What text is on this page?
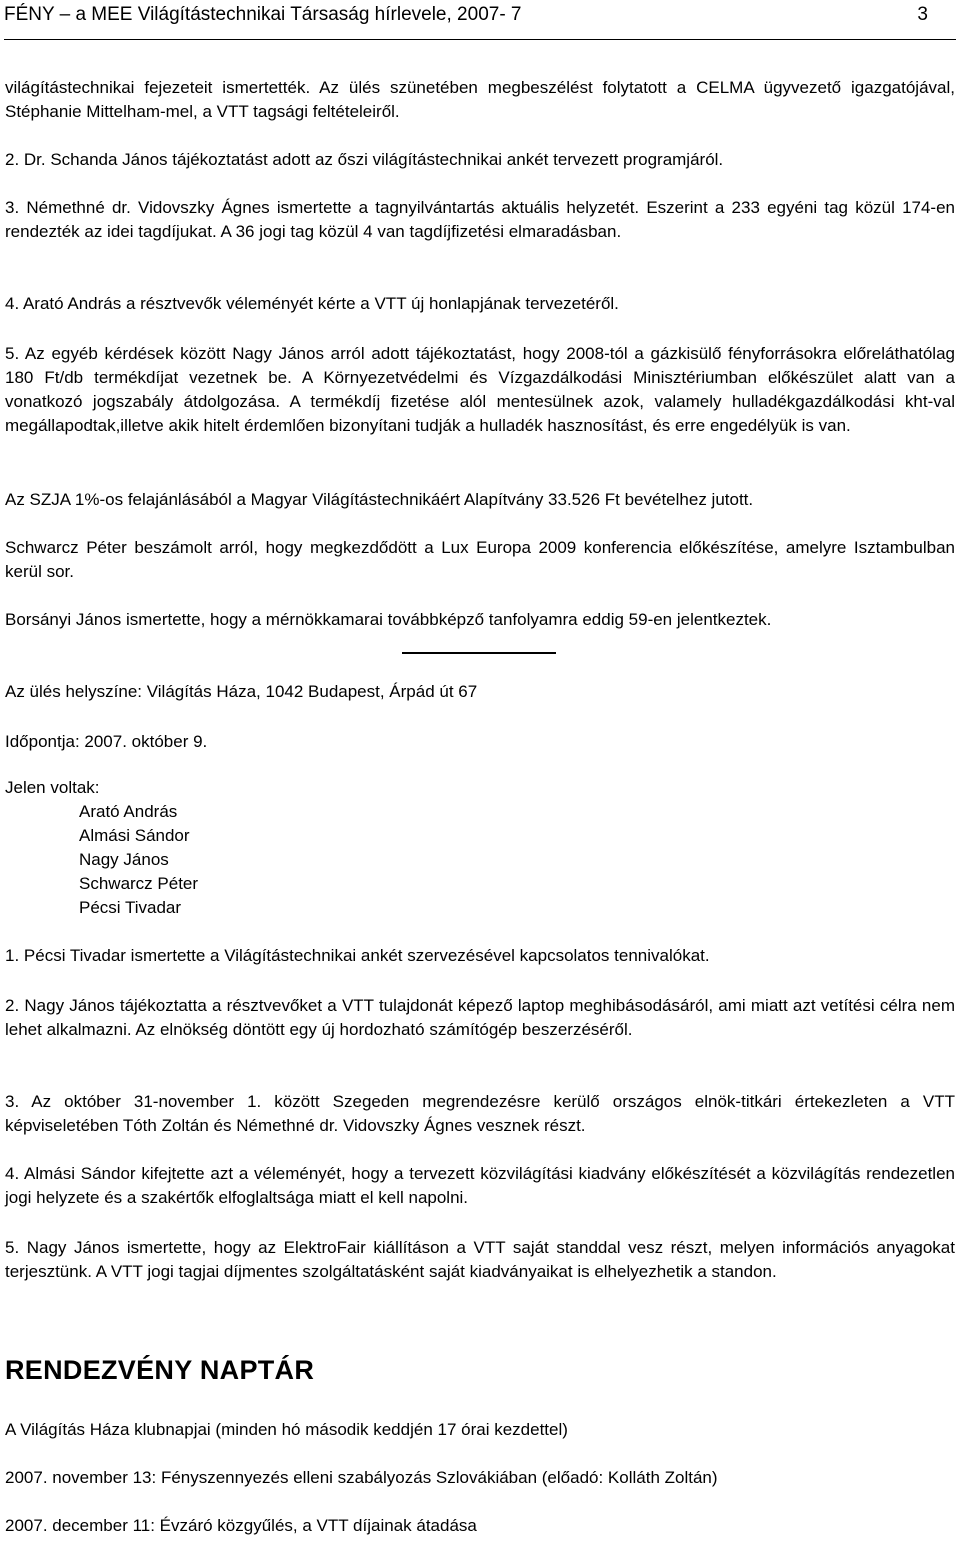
FÉNY – a MEE Világítástechnikai Társaság hírlevele, 2007- 7	3

világítástechnikai fejezeteit ismertették. Az ülés szünetében megbeszélést folytatott a CELMA ügyvezető igazgatójával, Stéphanie Mittelham-mel, a VTT tagsági feltételeiről.

2. Dr. Schanda János tájékoztatást adott az őszi világítástechnikai ankét tervezett programjáról.

3. Némethné dr. Vidovszky Ágnes ismertette a tagnyilvántartás aktuális helyzetét. Eszerint a 233 egyéni tag közül 174-en rendezték az idei tagdíjukat. A 36 jogi tag közül 4 van tagdíjfizetési elmaradásban.

4. Arató András a résztvevők véleményét kérte a VTT új honlapjának tervezetéről.

5. Az egyéb kérdések között Nagy János arról adott tájékoztatást, hogy 2008-tól a gázkisülő fényforrásokra előreláthatólag 180 Ft/db termékdíjat vezetnek be. A Környezetvédelmi és Vízgazdálkodási Minisztériumban előkészület alatt van a vonatkozó jogszabály átdolgozása. A termékdíj fizetése alól mentesülnek azok, valamely hulladékgazdálkodási kht-val megállapodtak,illetve akik hitelt érdemlően bizonyítani tudják a hulladék hasznosítást, és erre engedélyük is van.

Az SZJA 1%-os felajánlásából a Magyar Világítástechnikáért Alapítvány 33.526 Ft bevételhez jutott.

Schwarcz Péter beszámolt arról, hogy megkezdődött a Lux Europa 2009 konferencia előkészítése, amelyre Isztambulban kerül sor.

Borsányi János ismertette, hogy a mérnökkamarai továbbképző tanfolyamra eddig 59-en jelentkeztek.

Az ülés helyszíne: Világítás Háza, 1042 Budapest, Árpád út 67

Időpontja: 2007. október 9.

Jelen voltak:

Arató András
Almási Sándor
Nagy János
Schwarcz Péter
Pécsi Tivadar

1. Pécsi Tivadar ismertette a Világítástechnikai ankét szervezésével kapcsolatos tennivalókat.

2. Nagy János tájékoztatta a résztvevőket a VTT tulajdonát képező laptop meghibásodásáról, ami miatt azt vetítési célra nem lehet alkalmazni. Az elnökség döntött egy új hordozható számítógép beszerzéséről.

3. Az október 31-november 1. között Szegeden megrendezésre kerülő országos elnök-titkári értekezleten a VTT képviseletében Tóth Zoltán és Némethné dr. Vidovszky Ágnes vesznek részt.

4. Almási Sándor kifejtette azt a véleményét, hogy a tervezett közvilágítási kiadvány előkészítését a közvilágítás rendezetlen jogi helyzete és a szakértők elfoglaltsága miatt el kell napolni.

5. Nagy János ismertette, hogy az ElektroFair kiállításon a VTT saját standdal vesz részt, melyen információs anyagokat terjesztünk. A VTT jogi tagjai díjmentes szolgáltatásként saját kiadványaikat is elhelyezhetik a standon.

RENDEZVÉNY NAPTÁR

A Világítás Háza klubnapjai (minden hó második keddjén 17 órai kezdettel)

2007. november 13: Fényszennyezés elleni szabályozás Szlovákiában (előadó: Kolláth Zoltán)

2007. december 11: Évzáró közgyűlés, a VTT díjainak átadása
